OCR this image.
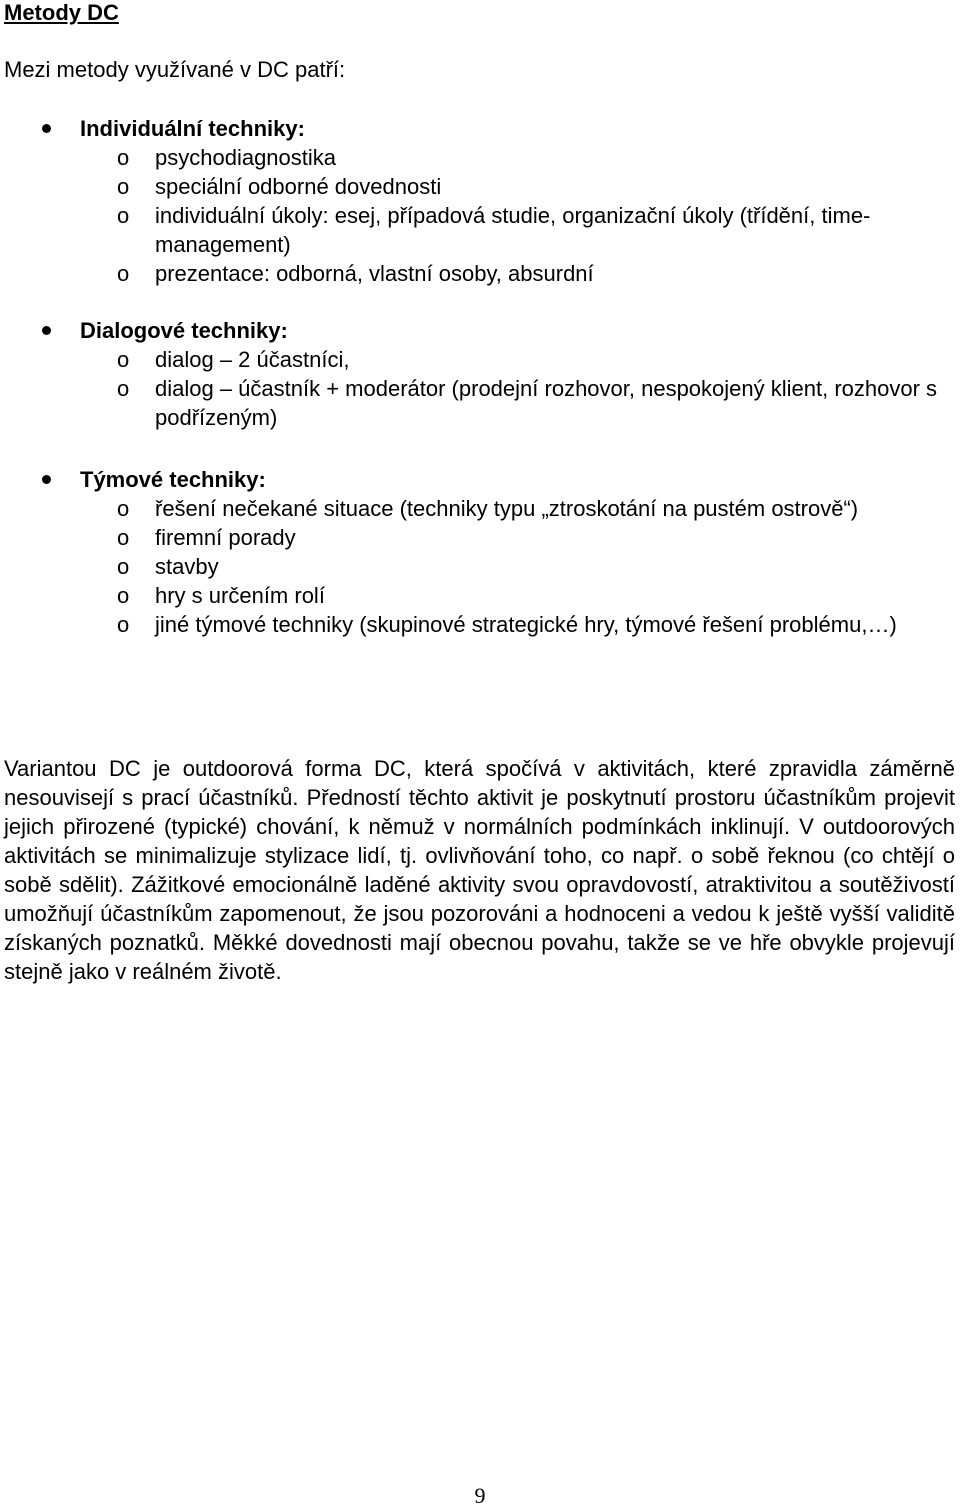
Metody DC

Mezi metody využívané v DC patří:

Individuální techniky:
o psychodiagnostika
o speciální odborné dovednosti
o individuální úkoly: esej, případová studie, organizační úkoly (třídění, time-management)
o prezentace: odborná, vlastní osoby, absurdní
Dialogové techniky:
o dialog – 2 účastníci,
o dialog – účastník + moderátor (prodejní rozhovor, nespokojený klient, rozhovor s podřízeným)
Týmové techniky:
o řešení nečekané situace (techniky typu „ztroskotání na pustém ostrově“)
o firemní porady
o stavby
o hry s určením rolí
o jiné týmové techniky (skupinové strategické hry, týmové řešení problému,…)

Variantou DC je outdoorová forma DC, která spočívá v aktivitách, které zpravidla záměrně nesouvisejí s prací účastníků. Předností těchto aktivit je poskytnutí prostoru účastníkům projevit jejich přirozené (typické) chování, k němuž v normálních podmínkách inklinují. V outdoorových aktivitách se minimalizuje stylizace lidí, tj. ovlivňování toho, co např. o sobě řeknou (co chtějí o sobě sdělit). Zážitkové emocionálně laděné aktivity svou opravdovostí, atraktivitou a soutěživostí umožňují účastníkům zapomenout, že jsou pozorováni a hodnoceni a vedou k ještě vyšší validitě získaných poznatků. Měkké dovednosti mají obecnou povahu, takže se ve hře obvykle projevují stejně jako v reálném životě.

9
